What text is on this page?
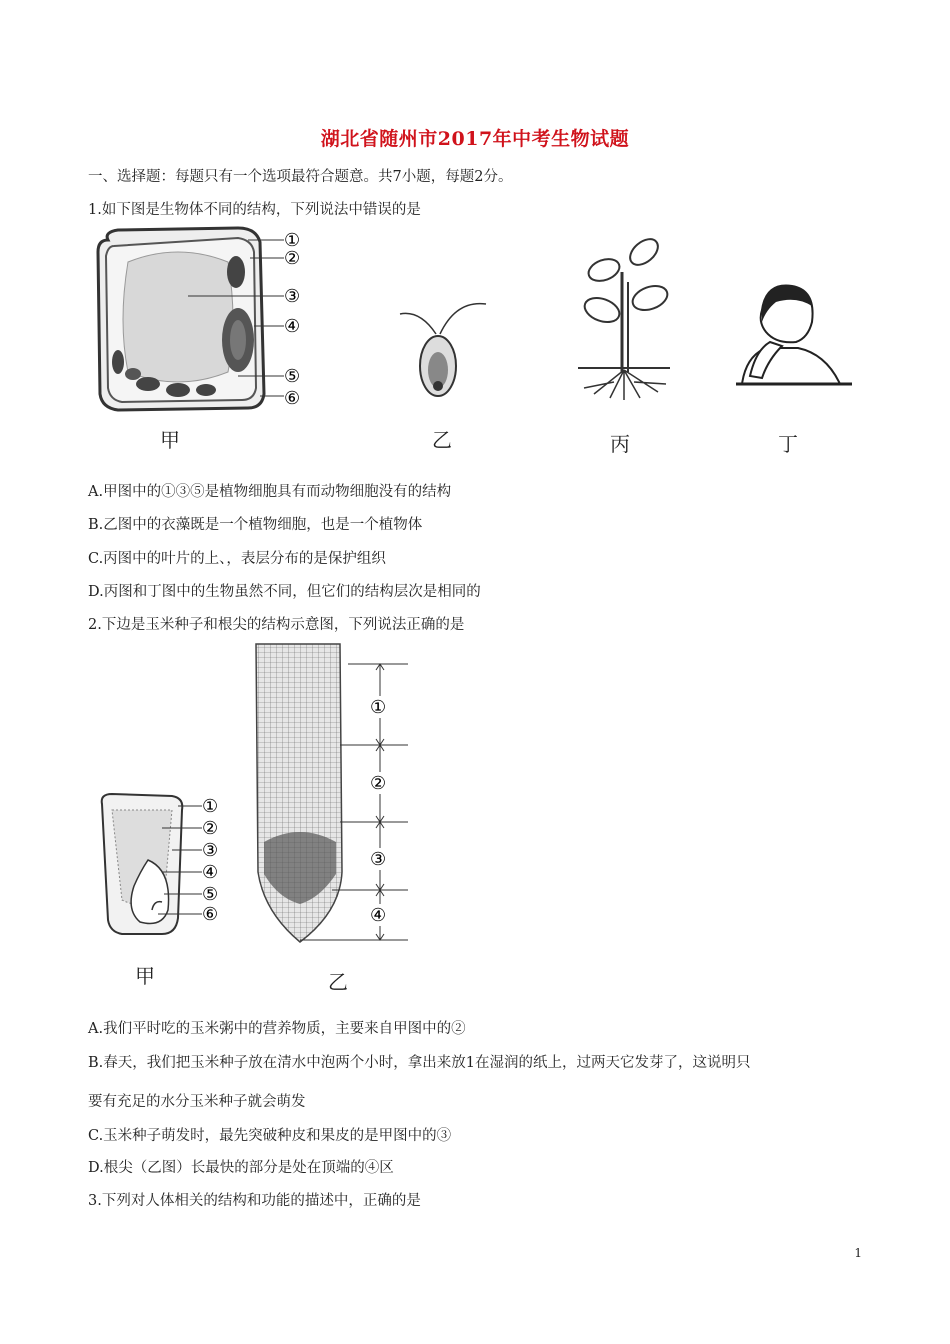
湖北省随州市2017年中考生物试题
一、选择题：每题只有一个选项最符合题意。共7小题，每题2分。
1.如下图是生物体不同的结构，下列说法中错误的是
①
②
③
④
⑤
⑥
甲	乙	丙	丁
A.甲图中的①③⑤是植物细胞具有而动物细胞没有的结构
B.乙图中的衣藻既是一个植物细胞，也是一个植物体
C.丙图中的叶片的上、，表层分布的是保护组织
D.丙图和丁图中的生物虽然不同，但它们的结构层次是相同的
2.下边是玉米种子和根尖的结构示意图，下列说法正确的是
①
②
③
④
⑤
⑥
甲
①
②
③
④
乙
A.我们平时吃的玉米粥中的营养物质，主要来自甲图中的②
B.春天，我们把玉米种子放在清水中泡两个小时，拿出来放1在湿润的纸上，过两天它发芽了，这说明只
要有充足的水分玉米种子就会萌发
C.玉米种子萌发时，最先突破种皮和果皮的是甲图中的③
D.根尖（乙图）长最快的部分是处在顶端的④区
3.下列对人体相关的结构和功能的描述中，正确的是
1
